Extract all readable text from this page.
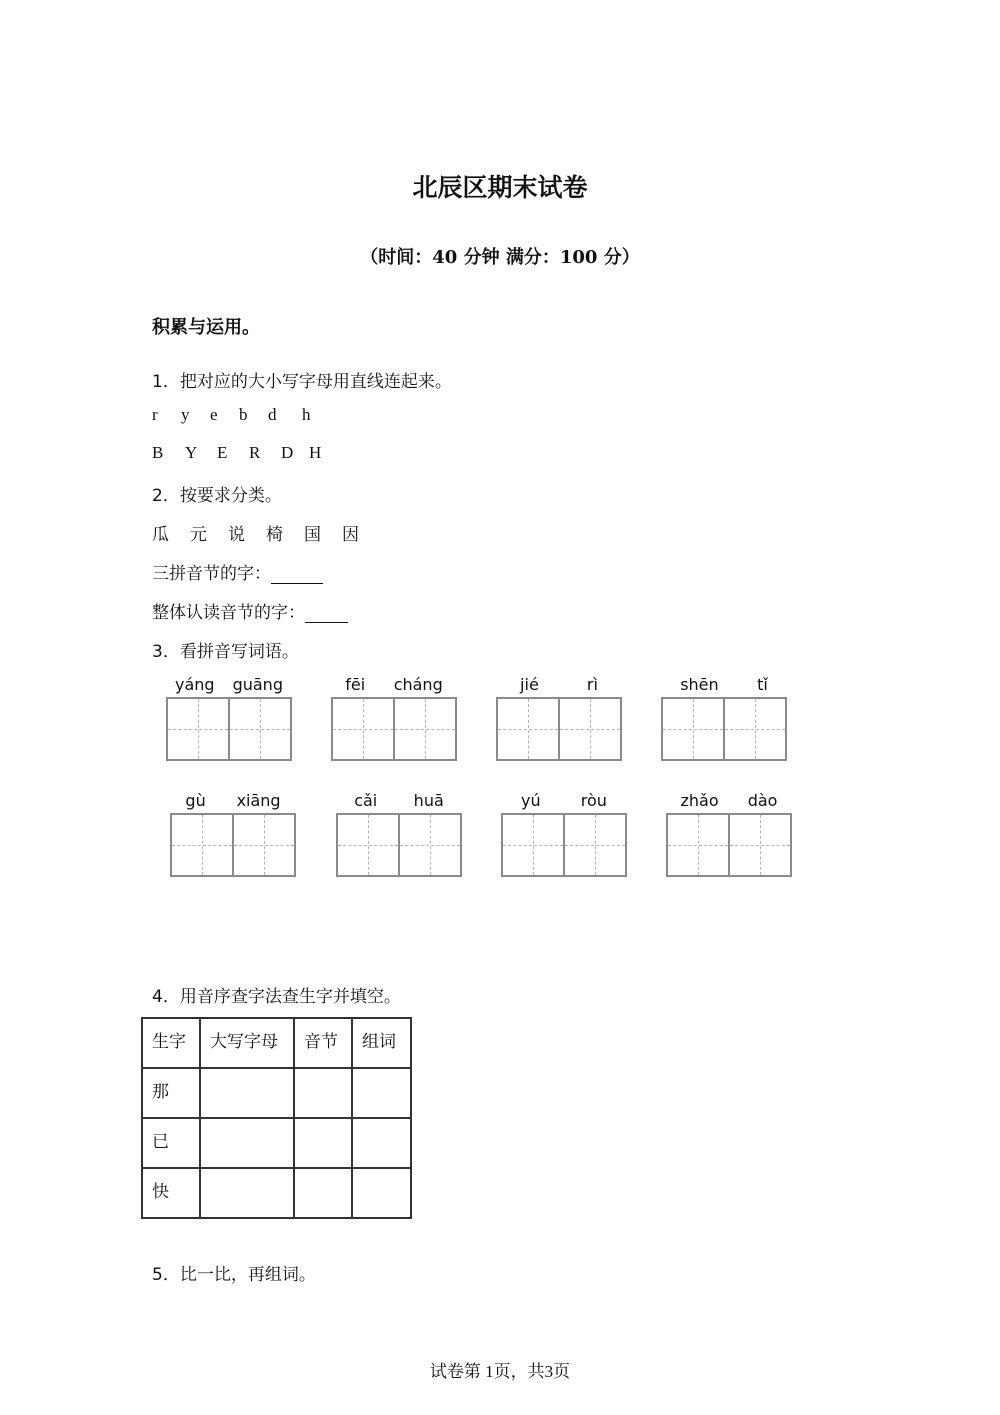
北辰区期末试卷
（时间：40 分钟 满分：100 分）
积累与运用。
1．把对应的大小写字母用直线连起来。
r y e b d h
B Y E R D H
2．按要求分类。
瓜 元 说 椅 国 因
三拼音节的字：
整体认读音节的字：
3．看拼音写词语。
yáng guāng	fēi cháng	jié	rì	shēn tǐ
gù xiāng	cǎi huā	yú	ròu	zhǎo dào
4．用音序查字法查生字并填空。
生字	大写字母	音节	组词
那			
已			
快			
5．比一比，再组词。
试卷第 1页，共3页
